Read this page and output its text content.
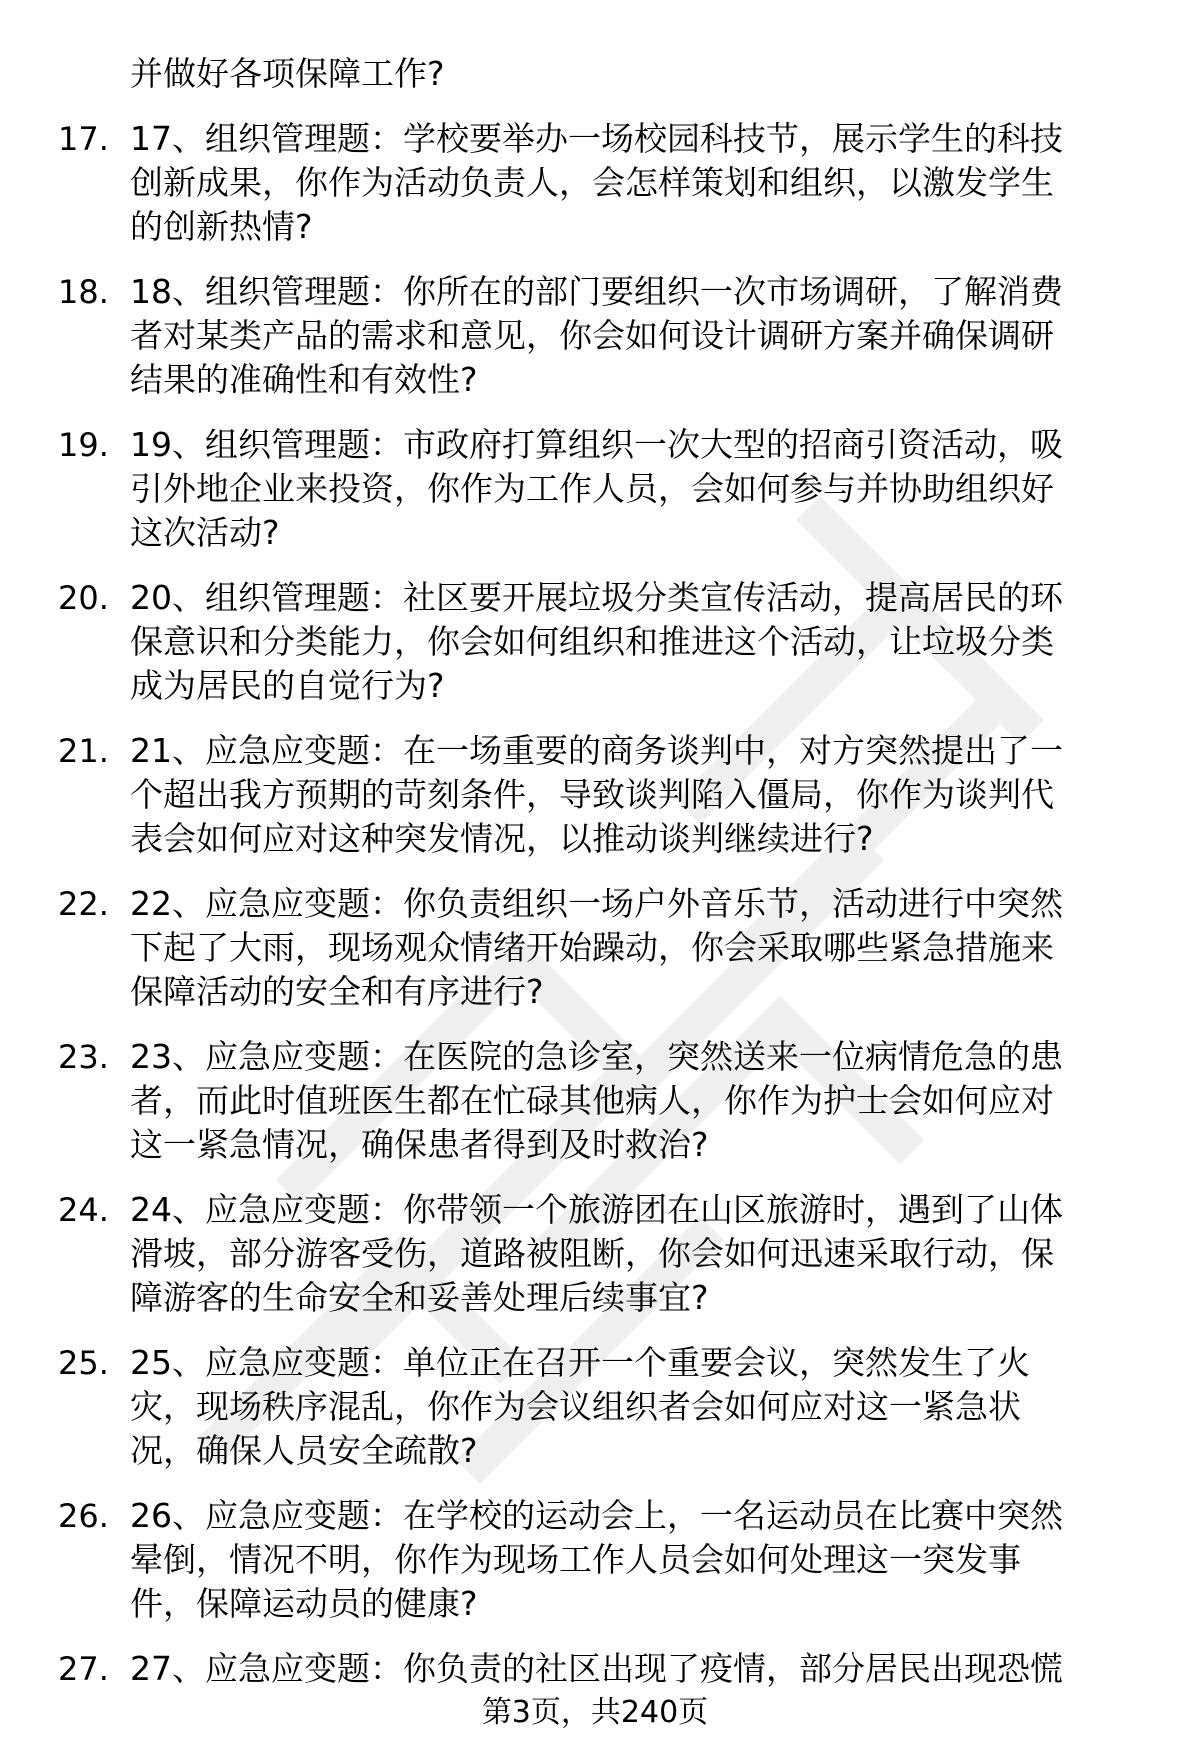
并做好各项保障工作?
17. 17、组织管理题：学校要举办一场校园科技节，展示学生的科技
创新成果，你作为活动负责人，会怎样策划和组织，以激发学生
的创新热情?
18. 18、组织管理题：你所在的部门要组织一次市场调研，了解消费
者对某类产品的需求和意见，你会如何设计调研方案并确保调研
结果的准确性和有效性?
19. 19、组织管理题：市政府打算组织一次大型的招商引资活动，吸
引外地企业来投资，你作为工作人员，会如何参与并协助组织好
这次活动?
20. 20、组织管理题：社区要开展垃圾分类宣传活动，提高居民的环
保意识和分类能力，你会如何组织和推进这个活动，让垃圾分类
成为居民的自觉行为?
21. 21、应急应变题：在一场重要的商务谈判中，对方突然提出了一
个超出我方预期的苛刻条件，导致谈判陷入僵局，你作为谈判代
表会如何应对这种突发情况，以推动谈判继续进行?
22. 22、应急应变题：你负责组织一场户外音乐节，活动进行中突然
下起了大雨，现场观众情绪开始躁动，你会采取哪些紧急措施来
保障活动的安全和有序进行?
23. 23、应急应变题：在医院的急诊室，突然送来一位病情危急的患
者，而此时值班医生都在忙碌其他病人，你作为护士会如何应对
这一紧急情况，确保患者得到及时救治?
24. 24、应急应变题：你带领一个旅游团在山区旅游时，遇到了山体
滑坡，部分游客受伤，道路被阻断，你会如何迅速采取行动，保
障游客的生命安全和妥善处理后续事宜?
25. 25、应急应变题：单位正在召开一个重要会议，突然发生了火
灾，现场秩序混乱，你作为会议组织者会如何应对这一紧急状
况，确保人员安全疏散?
26. 26、应急应变题：在学校的运动会上，一名运动员在比赛中突然
晕倒，情况不明，你作为现场工作人员会如何处理这一突发事
件，保障运动员的健康?
27. 27、应急应变题：你负责的社区出现了疫情，部分居民出现恐慌
第3页，共240页
